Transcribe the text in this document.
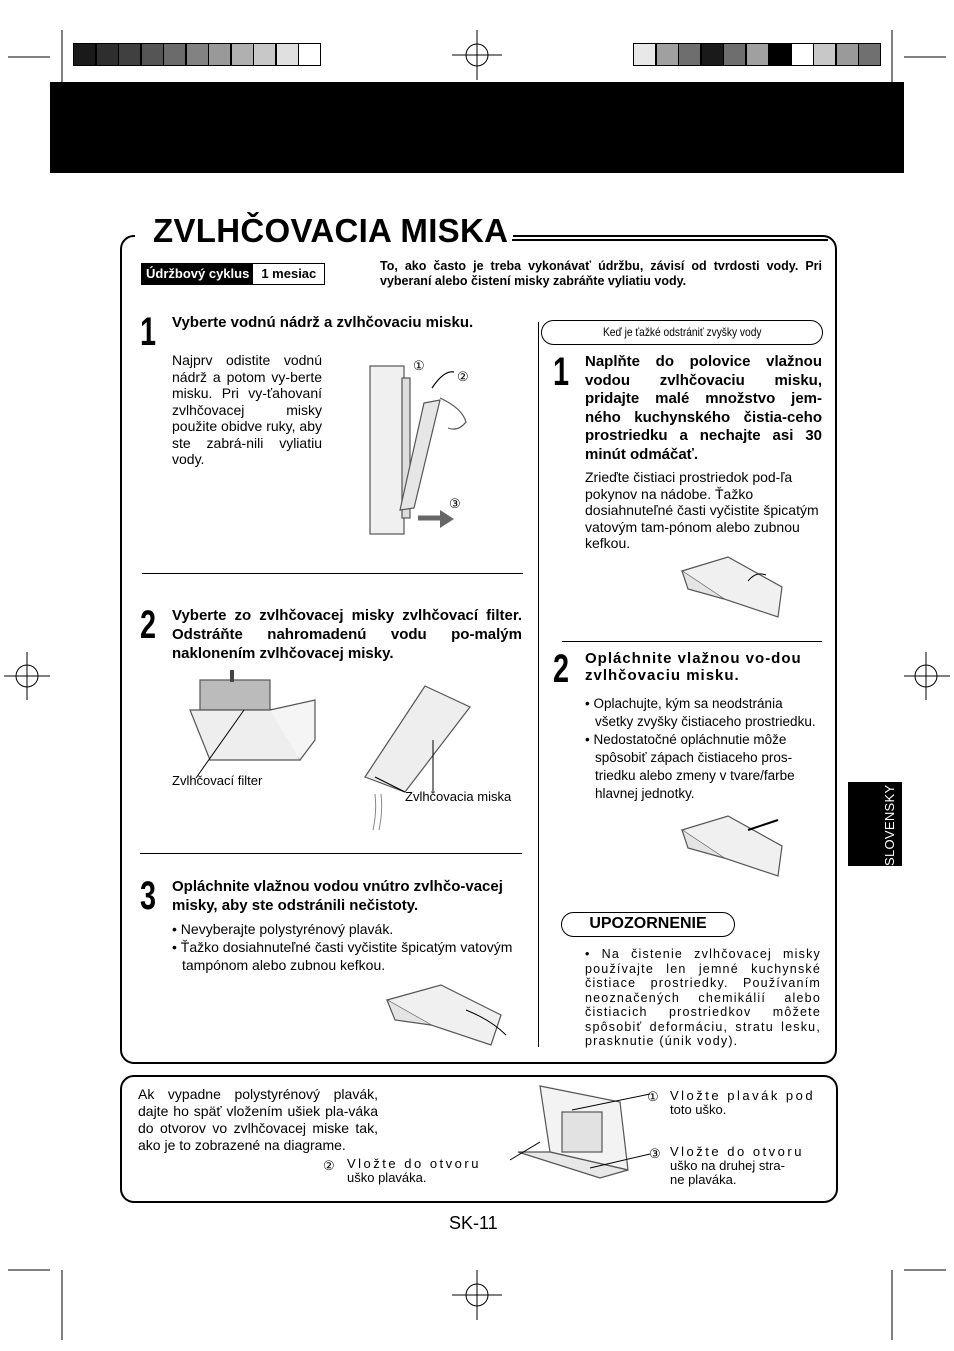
ZVLHČOVACIA MISKA
Údržbový cyklus 1 mesiac	To, ako často je treba vykonávať údržbu, závisí od tvrdosti vody. Pri vyberaní alebo čistení misky zabráňte vyliatiu vody.
1 Vyberte vodnú nádrž a zvlhčovaciu misku.
Najprv odistite vodnú nádrž a potom vy-berte misku. Pri vy-ťahovaní zvlhčovacej misky použite obidve ruky, aby ste zabrá-nili vyliatiu vody.
①
②
③
2 Vyberte zo zvlhčovacej misky zvlhčovací filter. Odstráňte nahromadenú vodu po-malým naklonením zvlhčovacej misky.
Zvlhčovací filter
Zvlhčovacia miska
3 Opláchnite vlažnou vodou vnútro zvlhčo-vacej misky, aby ste odstránili nečistoty.
• Nevyberajte polystyrénový plavák.
• Ťažko dosiahnuteľné časti vyčistite špicatým vatovým tampónom alebo zubnou kefkou.
Keď je ťažké odstrániť zvyšky vody
1 Naplňte do polovice vlažnou vodou zvlhčovaciu misku, pridajte malé množstvo jem-ného kuchynského čistia-ceho prostriedku a nechajte asi 30 minút odmáčať.
Zrieďte čistiaci prostriedok pod-ľa pokynov na nádobe. Ťažko dosiahnuteľné časti vyčistite špicatým vatovým tam-pónom alebo zubnou kefkou.
2 Opláchnite vlažnou vo-dou zvlhčovaciu misku.
• Oplachujte, kým sa neodstránia všetky zvyšky čistiaceho prostriedku.
• Nedostatočné opláchnutie môže spôsobiť zápach čistiaceho pros-triedku alebo zmeny v tvare/farbe hlavnej jednotky.
UPOZORNENIE
• Na čistenie zvlhčovacej misky používajte len jemné kuchynské čistiace prostriedky. Používaním neoznačených chemikálií alebo čistiacich prostriedkov môžete spôsobiť deformáciu, stratu lesku, prasknutie (únik vody).
Ak vypadne polystyrénový plavák, dajte ho späť vložením ušiek pla-váka do otvorov vo zvlhčovacej miske tak, ako je to zobrazené na diagrame.
① Vložte plavák pod
toto uško.
② Vložte do otvoru
uško plaváka.
③ Vložte do otvoru
uško na druhej stra-
ne plaváka.
SK-11
SLOVENSKY
